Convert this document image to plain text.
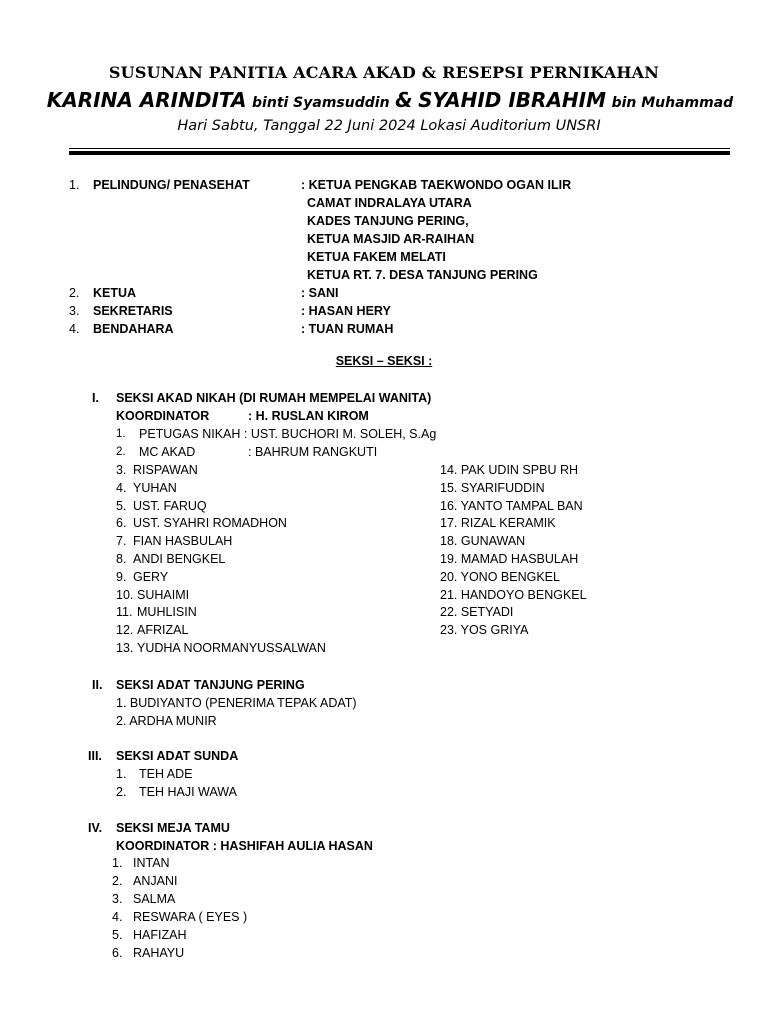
SUSUNAN PANITIA ACARA AKAD & RESEPSI PERNIKAHAN
KARINA ARINDITA binti Syamsuddin & SYAHID IBRAHIM bin Muhammad
Hari Sabtu, Tanggal 22 Juni 2024 Lokasi Auditorium UNSRI
1. PELINDUNG/ PENASEHAT	: KETUA PENGKAB TAEKWONDO OGAN ILIR
CAMAT INDRALAYA UTARA
KADES TANJUNG PERING,
KETUA MASJID AR-RAIHAN
KETUA FAKEM MELATI
KETUA RT. 7. DESA TANJUNG PERING
2. KETUA	: SANI
3. SEKRETARIS	: HASAN HERY
4. BENDAHARA	: TUAN RUMAH
SEKSI – SEKSI :
I. SEKSI AKAD NIKAH (DI RUMAH MEMPELAI WANITA)
KOORDINATOR	: H. RUSLAN KIROM
1. PETUGAS NIKAH : UST. BUCHORI M. SOLEH, S.Ag
2. MC AKAD	: BAHRUM RANGKUTI
3. RISPAWAN
4. YUHAN
5. UST. FARUQ
6. UST. SYAHRI ROMADHON
7. FIAN HASBULAH
8. ANDI BENGKEL
9. GERY
10. SUHAIMI
11. MUHLISIN
12. AFRIZAL
13. YUDHA NOORMANYUSSALWAN
14. PAK UDIN SPBU RH
15. SYARIFUDDIN
16. YANTO TAMPAL BAN
17. RIZAL KERAMIK
18. GUNAWAN
19. MAMAD HASBULAH
20. YONO BENGKEL
21. HANDOYO BENGKEL
22. SETYADI
23. YOS GRIYA
II. SEKSI ADAT TANJUNG PERING
1. BUDIYANTO (PENERIMA TEPAK ADAT)
2. ARDHA MUNIR
III. SEKSI ADAT SUNDA
1. TEH ADE
2. TEH HAJI WAWA
IV. SEKSI MEJA TAMU
KOORDINATOR : HASHIFAH AULIA HASAN
1. INTAN
2. ANJANI
3. SALMA
4. RESWARA ( EYES )
5. HAFIZAH
6. RAHAYU
